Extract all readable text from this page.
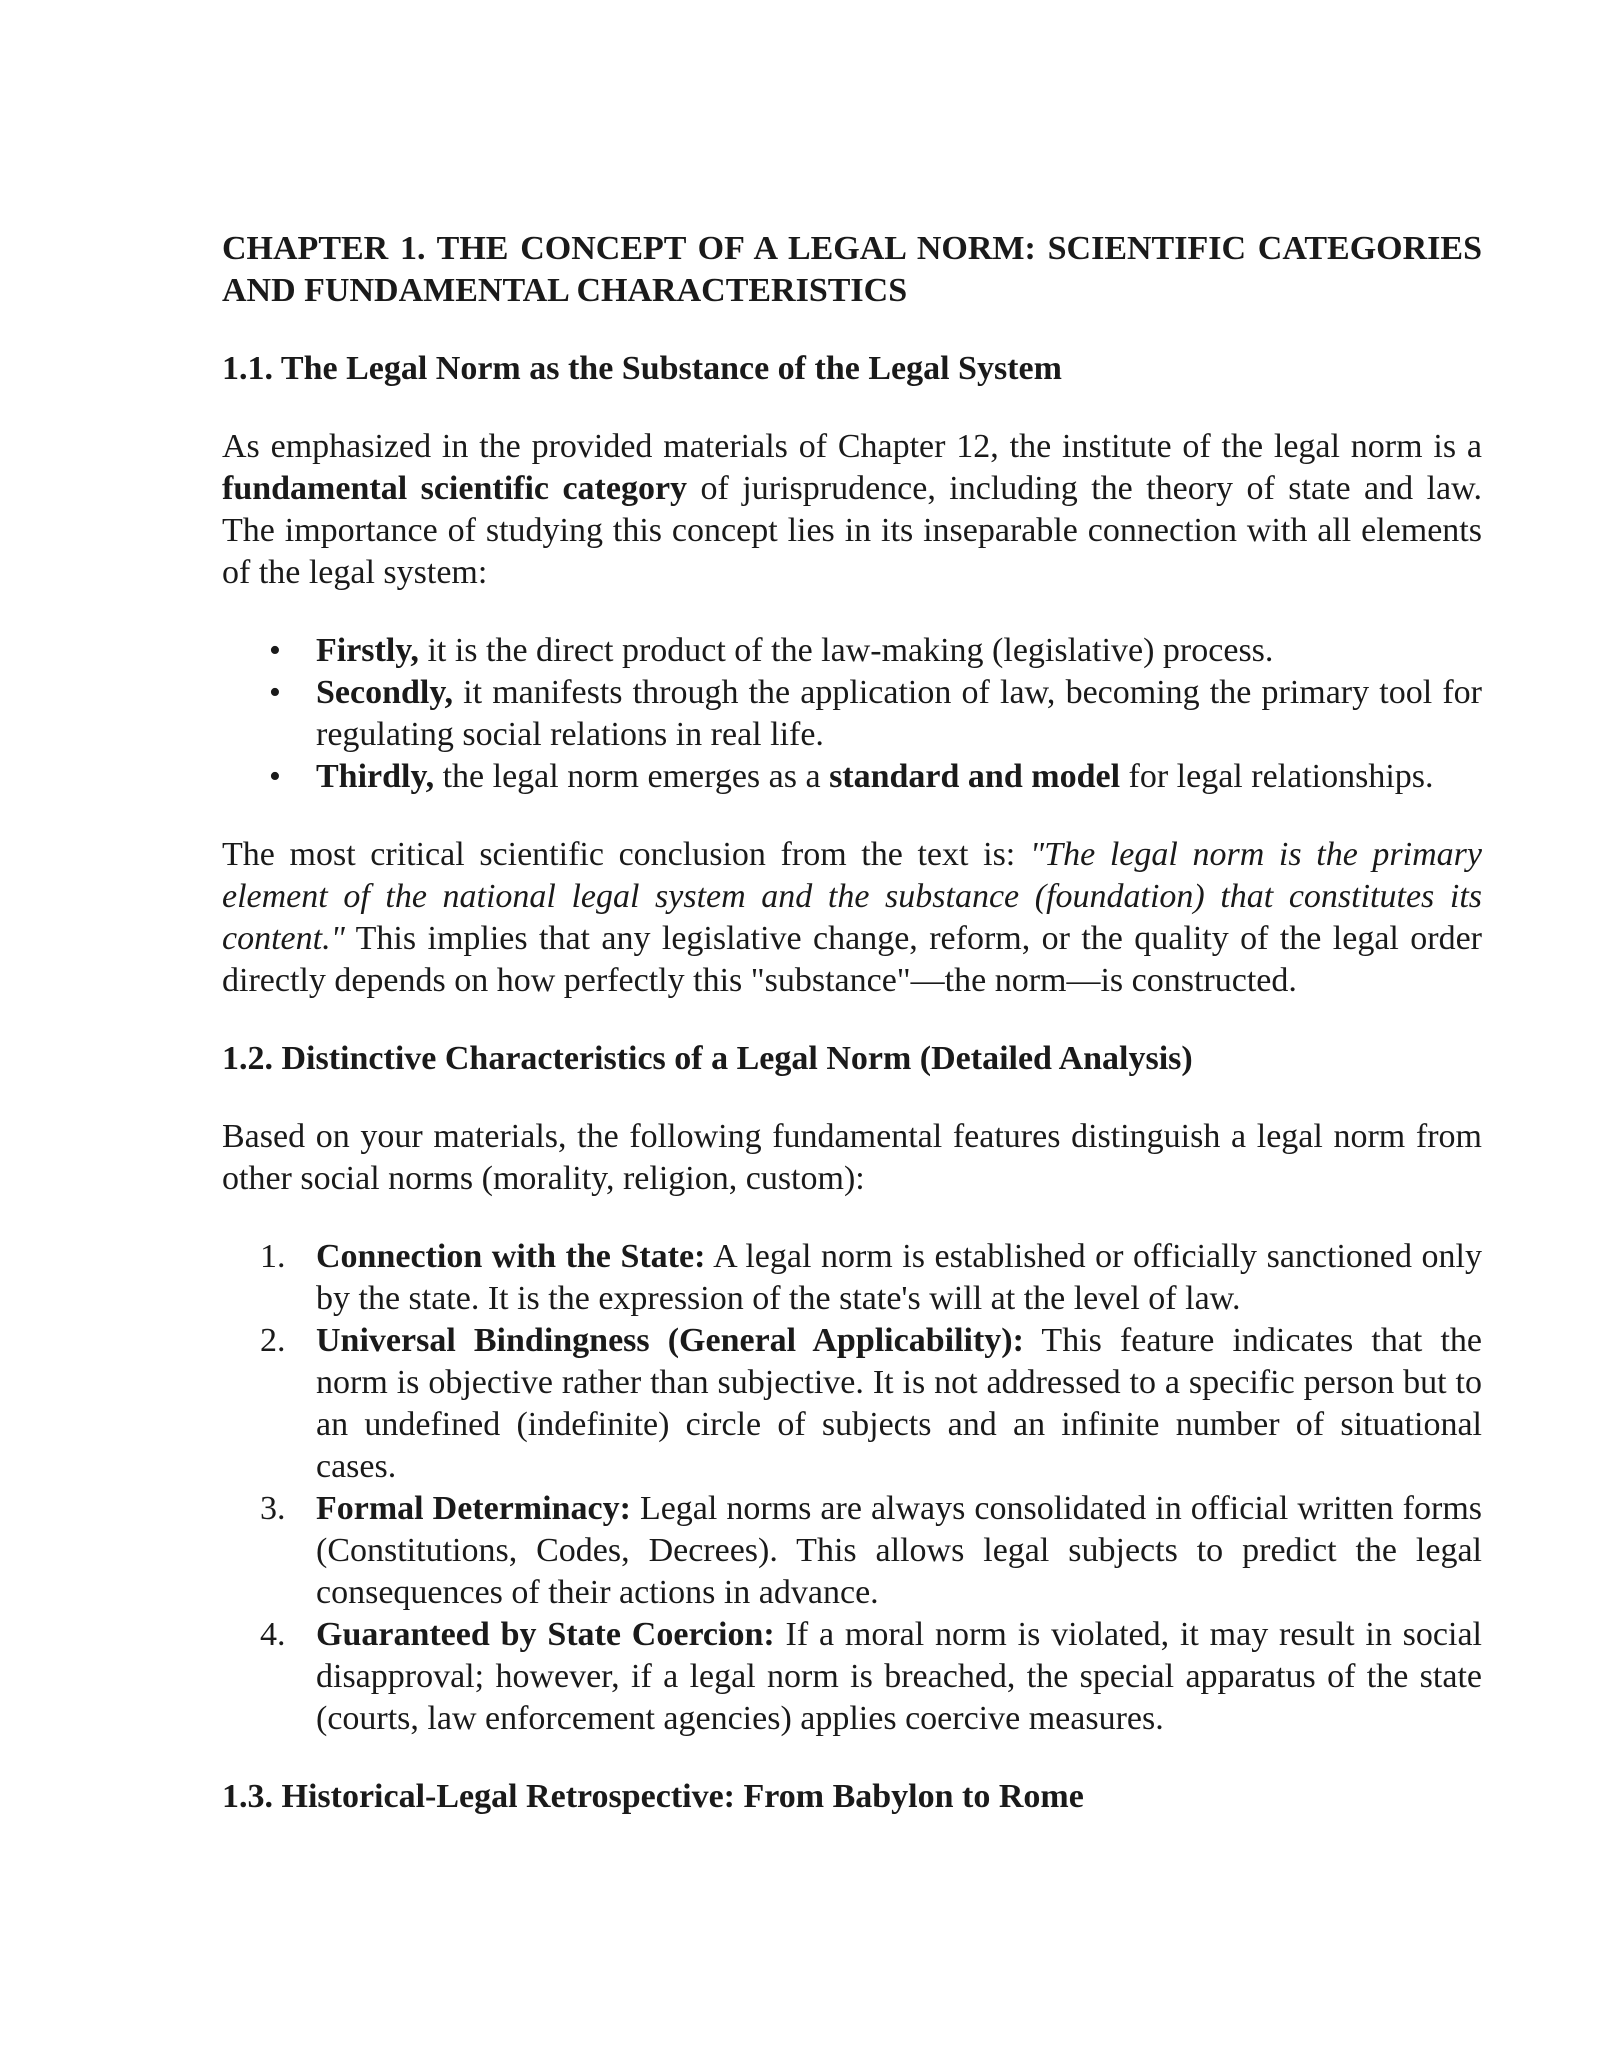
CHAPTER 1. THE CONCEPT OF A LEGAL NORM: SCIENTIFIC CATEGORIES AND FUNDAMENTAL CHARACTERISTICS
1.1. The Legal Norm as the Substance of the Legal System

As emphasized in the provided materials of Chapter 12, the institute of the legal norm is a fundamental scientific category of jurisprudence, including the theory of state and law. The importance of studying this concept lies in its inseparable connection with all elements of the legal system:

• Firstly, it is the direct product of the law-making (legislative) process.
• Secondly, it manifests through the application of law, becoming the primary tool for regulating social relations in real life.
• Thirdly, the legal norm emerges as a standard and model for legal relationships.

The most critical scientific conclusion from the text is: "The legal norm is the primary element of the national legal system and the substance (foundation) that constitutes its content." This implies that any legislative change, reform, or the quality of the legal order directly depends on how perfectly this "substance"—the norm—is constructed.

1.2. Distinctive Characteristics of a Legal Norm (Detailed Analysis)

Based on your materials, the following fundamental features distinguish a legal norm from other social norms (morality, religion, custom):

1. Connection with the State: A legal norm is established or officially sanctioned only by the state. It is the expression of the state's will at the level of law.
2. Universal Bindingness (General Applicability): This feature indicates that the norm is objective rather than subjective. It is not addressed to a specific person but to an undefined (indefinite) circle of subjects and an infinite number of situational cases.
3. Formal Determinacy: Legal norms are always consolidated in official written forms (Constitutions, Codes, Decrees). This allows legal subjects to predict the legal consequences of their actions in advance.
4. Guaranteed by State Coercion: If a moral norm is violated, it may result in social disapproval; however, if a legal norm is breached, the special apparatus of the state (courts, law enforcement agencies) applies coercive measures.
1.3. Historical-Legal Retrospective: From Babylon to Rome
